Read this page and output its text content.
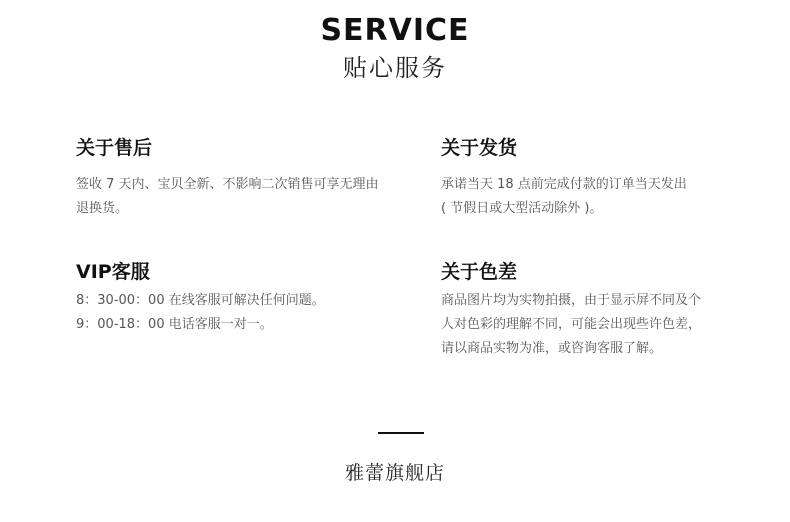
SERVICE
贴心服务
关于售后
签收 7 天内、宝贝全新、不影响二次销售可享无理由
退换货。
关于发货
承诺当天 18 点前完成付款的订单当天发出
( 节假日或大型活动除外 )。
VIP客服
8：30-00：00 在线客服可解决任何问题。
9：00-18：00 电话客服一对一。
关于色差
商品图片均为实物拍摄，由于显示屏不同及个
人对色彩的理解不同，可能会出现些许色差，
请以商品实物为准，或咨询客服了解。
雅蕾旗舰店
